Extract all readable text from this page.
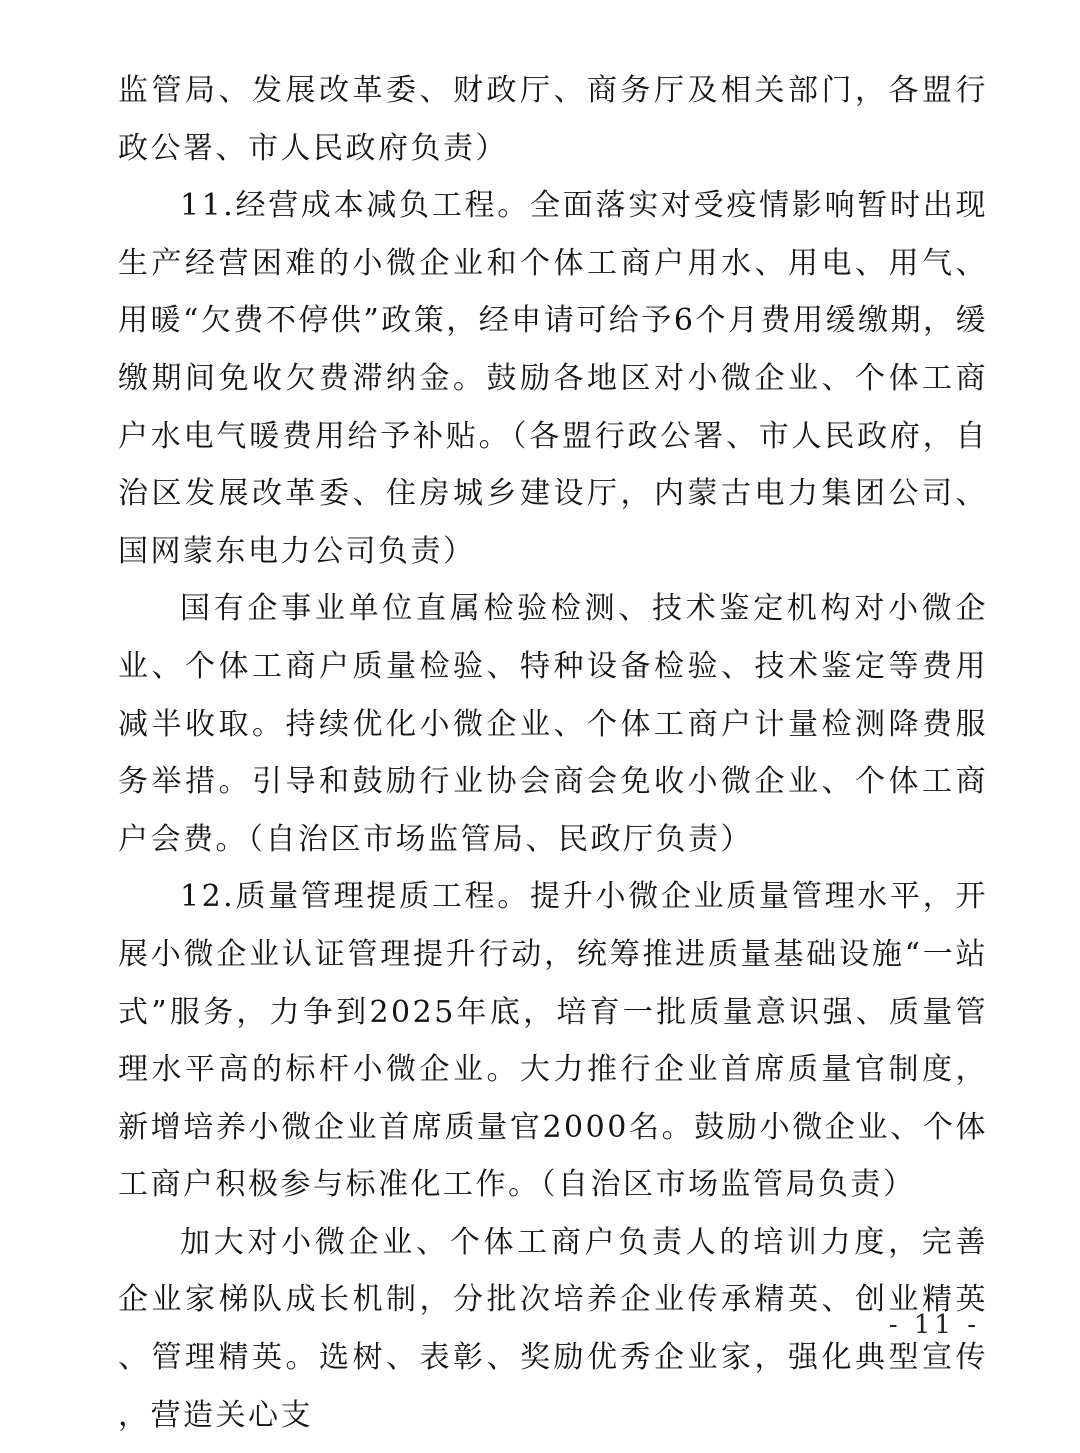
监管局、发展改革委、财政厅、商务厅及相关部门，各盟行政公署、市人民政府负责）

11.经营成本减负工程。全面落实对受疫情影响暂时出现生产经营困难的小微企业和个体工商户用水、用电、用气、用暖“欠费不停供”政策，经申请可给予6个月费用缓缴期，缓缴期间免收欠费滞纳金。鼓励各地区对小微企业、个体工商户水电气暖费用给予补贴。（各盟行政公署、市人民政府，自治区发展改革委、住房城乡建设厅，内蒙古电力集团公司、国网蒙东电力公司负责）

国有企事业单位直属检验检测、技术鉴定机构对小微企业、个体工商户质量检验、特种设备检验、技术鉴定等费用减半收取。持续优化小微企业、个体工商户计量检测降费服务举措。引导和鼓励行业协会商会免收小微企业、个体工商户会费。（自治区市场监管局、民政厅负责）

12.质量管理提质工程。提升小微企业质量管理水平，开展小微企业认证管理提升行动，统筹推进质量基础设施“一站式”服务，力争到2025年底，培育一批质量意识强、质量管理水平高的标杆小微企业。大力推行企业首席质量官制度，新增培养小微企业首席质量官2000名。鼓励小微企业、个体工商户积极参与标准化工作。（自治区市场监管局负责）

加大对小微企业、个体工商户负责人的培训力度，完善企业家梯队成长机制，分批次培养企业传承精英、创业精英、管理精英。选树、表彰、奖励优秀企业家，强化典型宣传，营造关心支

- 11 -
